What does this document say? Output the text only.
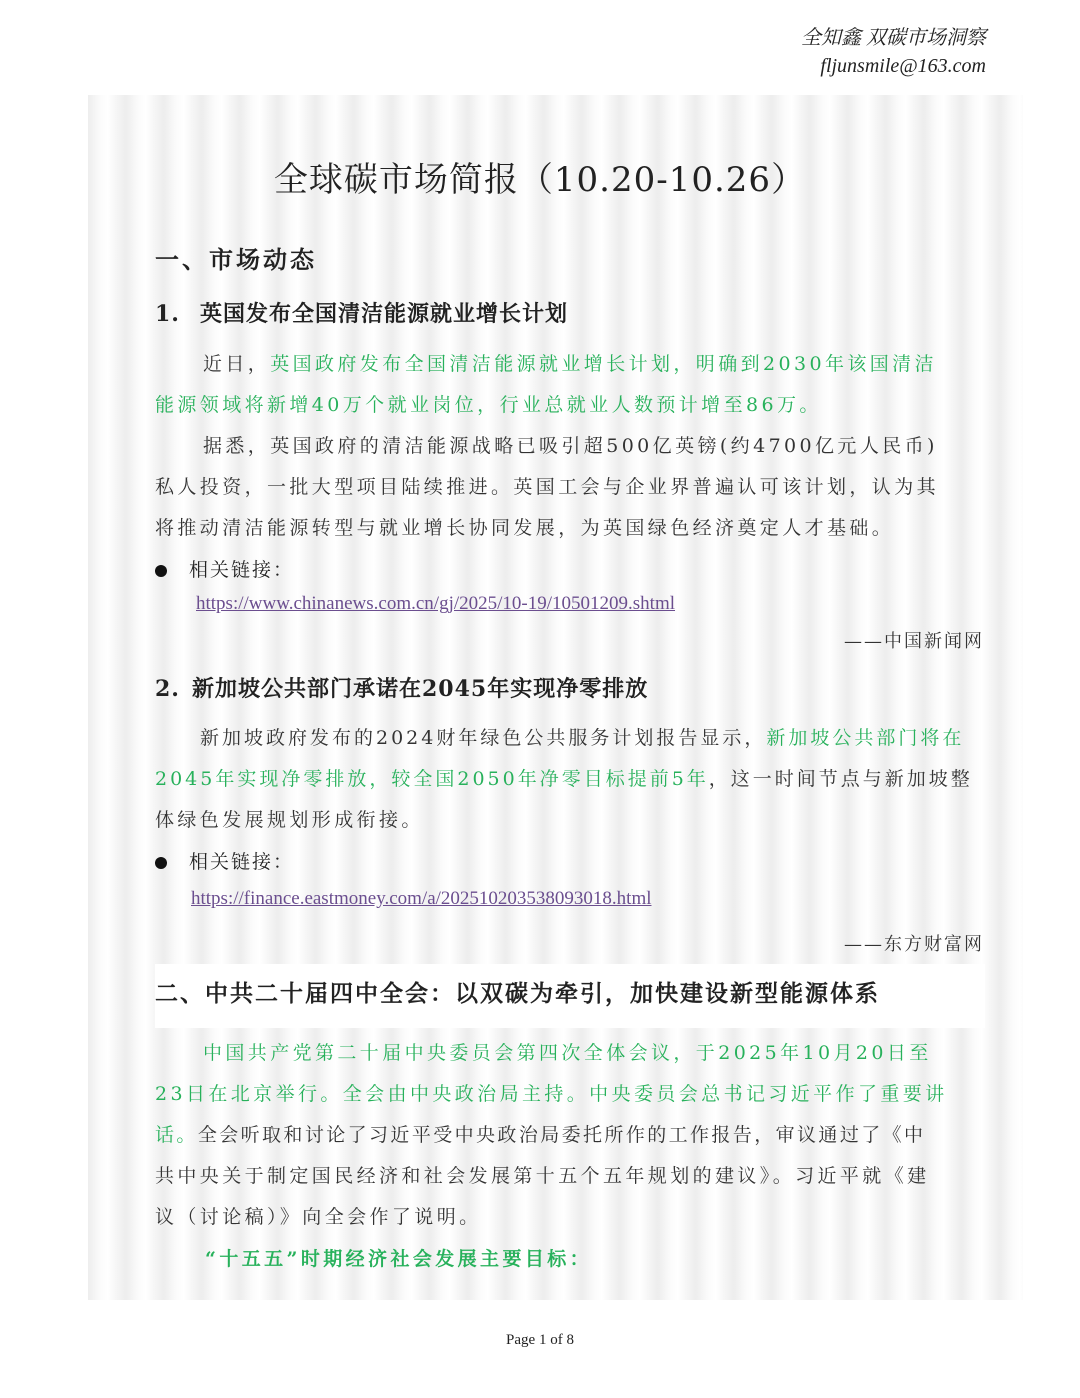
全知鑫 双碳市场洞察
fljunsmile@163.com
全球碳市场简报（10.20-10.26）
一、市场动态
1. 英国发布全国清洁能源就业增长计划
近日，英国政府发布全国清洁能源就业增长计划，明确到2030年该国清洁
能源领域将新增40万个就业岗位，行业总就业人数预计增至86万。
据悉，英国政府的清洁能源战略已吸引超500亿英镑(约4700亿元人民币)
私人投资，一批大型项目陆续推进。英国工会与企业界普遍认可该计划，认为其
将推动清洁能源转型与就业增长协同发展，为英国绿色经济奠定人才基础。
相关链接：
https://www.chinanews.com.cn/gj/2025/10-19/10501209.shtml
——中国新闻网
2. 新加坡公共部门承诺在2045年实现净零排放
新加坡政府发布的2024财年绿色公共服务计划报告显示，新加坡公共部门将在
2045年实现净零排放，较全国2050年净零目标提前5年，这一时间节点与新加坡整
体绿色发展规划形成衔接。
相关链接：
https://finance.eastmoney.com/a/202510203538093018.html
——东方财富网
二、中共二十届四中全会：以双碳为牵引，加快建设新型能源体系
中国共产党第二十届中央委员会第四次全体会议，于2025年10月20日至
23日在北京举行。全会由中央政治局主持。中央委员会总书记习近平作了重要讲
话。全会听取和讨论了习近平受中央政治局委托所作的工作报告，审议通过了《中
共中央关于制定国民经济和社会发展第十五个五年规划的建议》。习近平就《建
议（讨论稿）》向全会作了说明。
“十五五”时期经济社会发展主要目标：
Page 1 of 8
